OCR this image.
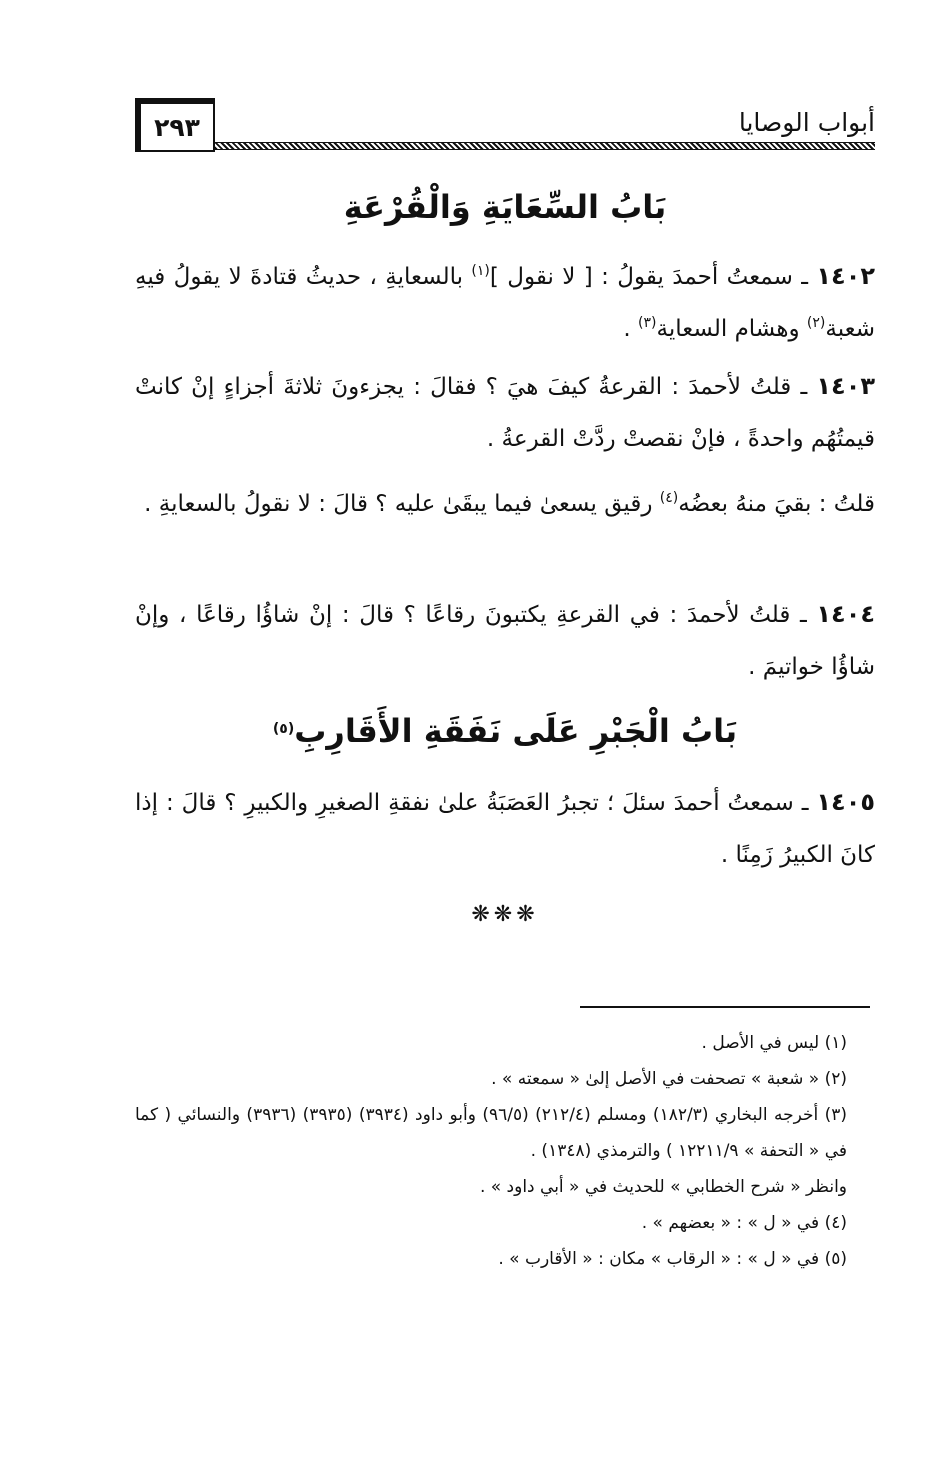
٢٩٣	أبواب الوصايا
بَابُ السِّعَايَةِ وَالْقُرْعَةِ
١٤٠٢ ـ سمعتُ أحمدَ يقولُ : [ لا نقول ]$^{(١)}$ بالسعايةِ ، حديثُ قتادةَ لا يقولُ فيهِ شعبة$^{(٢)}$ وهشام السعاية$^{(٣)}$ .
١٤٠٣ ـ قلتُ لأحمدَ : القرعةُ كيفَ هيَ ؟ فقالَ : يجزءونَ ثلاثةَ أجزاءٍ إنْ كانتْ قيمتُهُم واحدةً ، فإنْ نقصتْ ردَّتْ القرعةُ .
قلتُ : بقيَ منهُ بعضُه$^{(٤)}$ رقيق يسعىٰ فيما يبقَىٰ عليه ؟ قالَ : لا نقولُ بالسعايةِ .
١٤٠٤ ـ قلتُ لأحمدَ : في القرعةِ يكتبونَ رقاعًا ؟ قالَ : إنْ شاؤُا رقاعًا ، وإنْ شاؤُا خواتيمَ .
بَابُ الْجَبْرِ عَلَى نَفَقَةِ الأَقَارِبِ$^{(٥)}$
١٤٠٥ ـ سمعتُ أحمدَ سئلَ ؛ تجبرُ العَصَبَةُ علىٰ نفقةِ الصغيرِ والكبيرِ ؟ قالَ : إذا كانَ الكبيرُ زَمِنًا .
❋❋❋

(١) ليس في الأصل .

(٢) « شعبة » تصحفت في الأصل إلىٰ « سمعته » .

(٣) أخرجه البخاري (١٨٢/٣) ومسلم (٢١٢/٤) (٩٦/٥) وأبو داود (٣٩٣٤) (٣٩٣٥) (٣٩٣٦) والنسائي ( كما في « التحفة » ١٢٢١١/٩ ) والترمذي (١٣٤٨) .

وانظر « شرح الخطابي » للحديث في « أبي داود » .

(٤) في « ل » : « بعضهم » .

(٥) في « ل » : « الرقاب » مكان : « الأقارب » .
